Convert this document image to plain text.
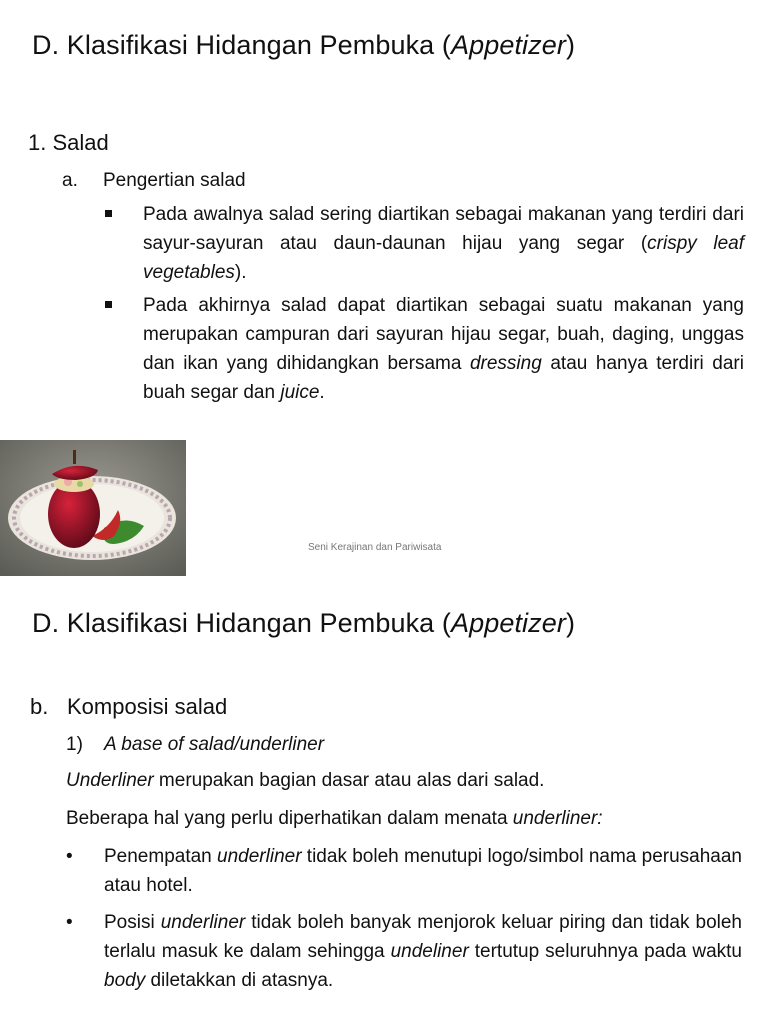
D. Klasifikasi Hidangan Pembuka (Appetizer)

1. Salad

a. Pengertian salad

Pada awalnya salad sering diartikan sebagai makanan yang terdiri dari sayur-sayuran atau daun-daunan hijau yang segar (crispy leaf vegetables).
Pada akhirnya salad dapat diartikan sebagai suatu makanan yang merupakan campuran dari sayuran hijau segar, buah, daging, unggas dan ikan yang dihidangkan bersama dressing atau hanya terdiri dari buah segar dan juice.
Seni Kerajinan dan Pariwisata
D. Klasifikasi Hidangan Pembuka (Appetizer)

b. Komposisi salad

1) A base of salad/underliner

Underliner merupakan bagian dasar atau alas dari salad.

Beberapa hal yang perlu diperhatikan dalam menata underliner:

• Penempatan underliner tidak boleh menutupi logo/simbol nama perusahaan atau hotel.
• Posisi underliner tidak boleh banyak menjorok keluar piring dan tidak boleh terlalu masuk ke dalam sehingga undeliner tertutup seluruhnya pada waktu body diletakkan di atasnya.
